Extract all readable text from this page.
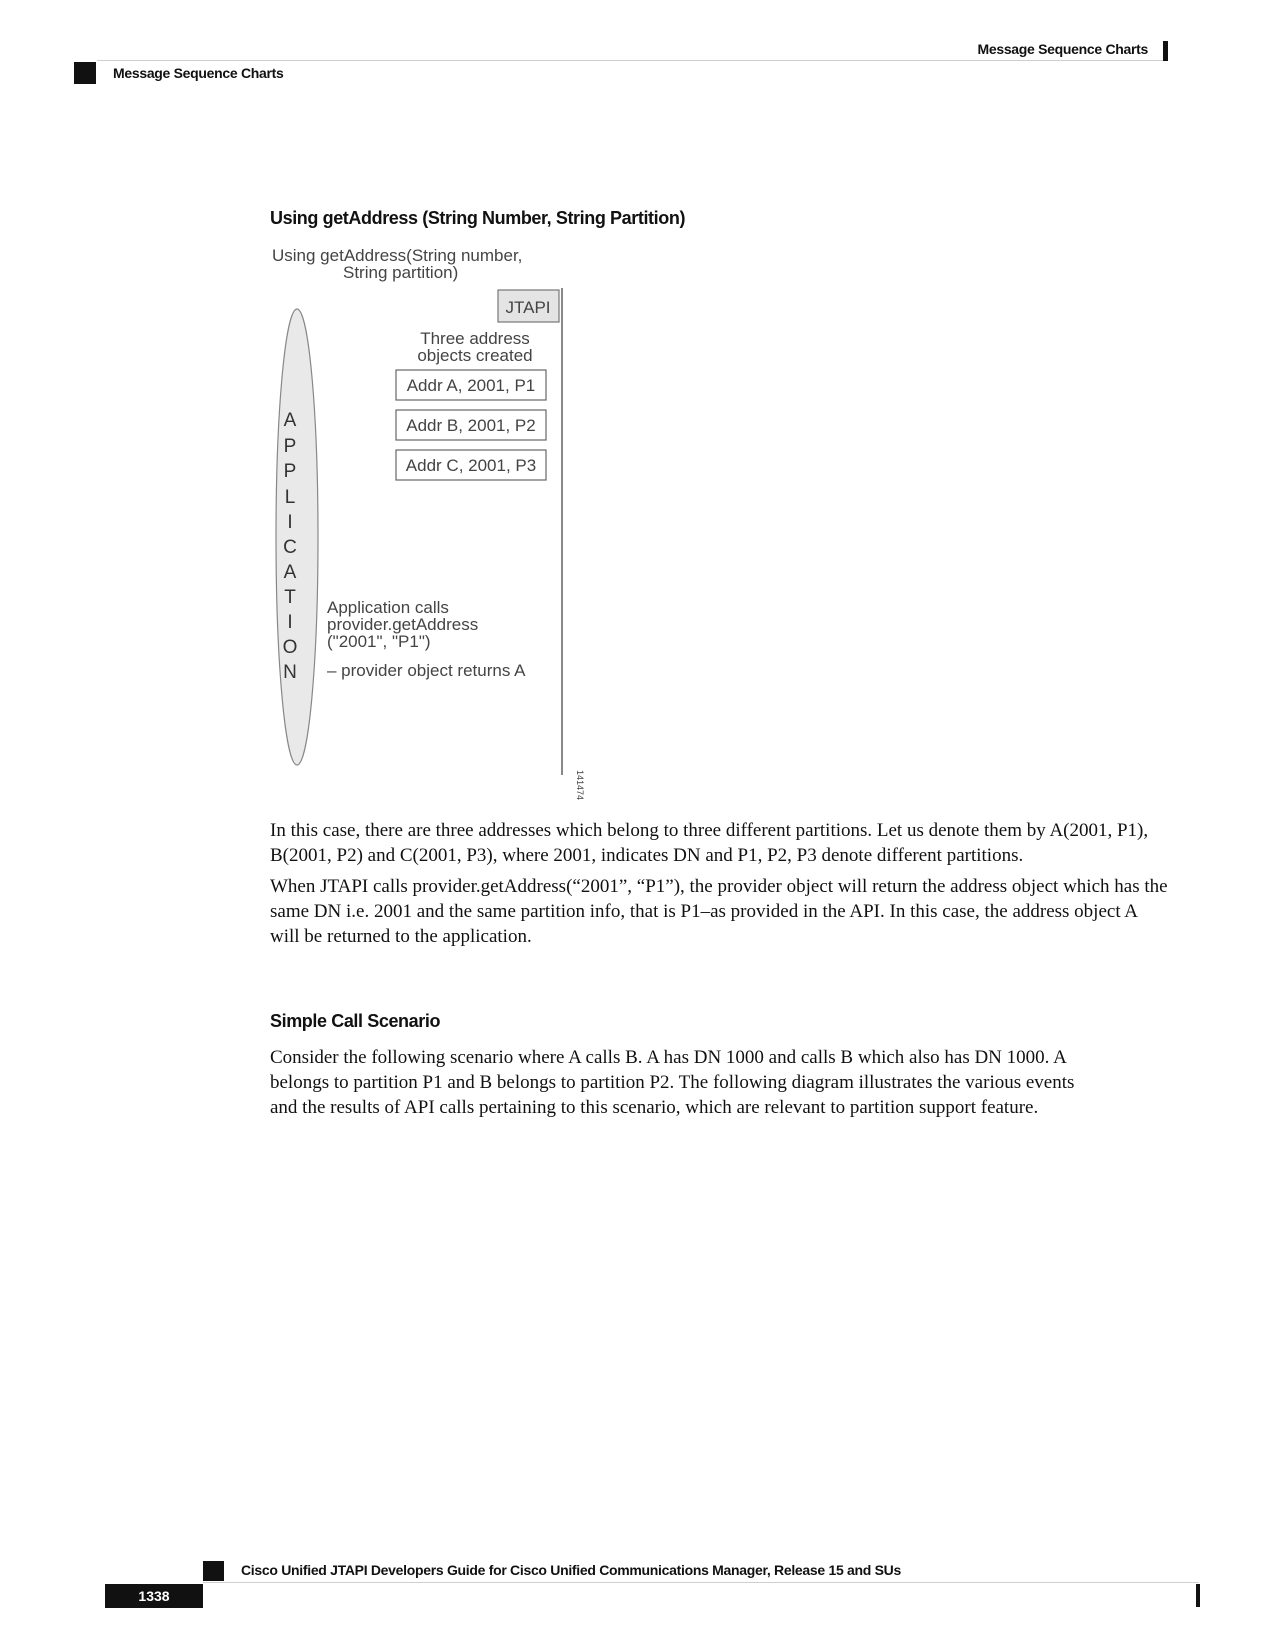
Message Sequence Charts
Message Sequence Charts
Using getAddress (String Number, String Partition)
Using getAddress(String number,
String partition)
JTAPI
Three address
objects created
Addr A, 2001, P1
Addr B, 2001, P2
Addr C, 2001, P3
A
P
P
L
I
C
A
T
I
O
N
Application calls
provider.getAddress
("2001", "P1")
– provider object returns A
141474

In this case, there are three addresses which belong to three different partitions. Let us denote them by A(2001, P1), B(2001, P2) and C(2001, P3), where 2001, indicates DN and P1, P2, P3 denote different partitions.

When JTAPI calls provider.getAddress(“2001”, “P1”), the provider object will return the address object which has the same DN i.e. 2001 and the same partition info, that is P1–as provided in the API. In this case, the address object A will be returned to the application.

Simple Call Scenario

Consider the following scenario where A calls B. A has DN 1000 and calls B which also has DN 1000. A belongs to partition P1 and B belongs to partition P2. The following diagram illustrates the various events and the results of API calls pertaining to this scenario, which are relevant to partition support feature.

Cisco Unified JTAPI Developers Guide for Cisco Unified Communications Manager, Release 15 and SUs
1338
